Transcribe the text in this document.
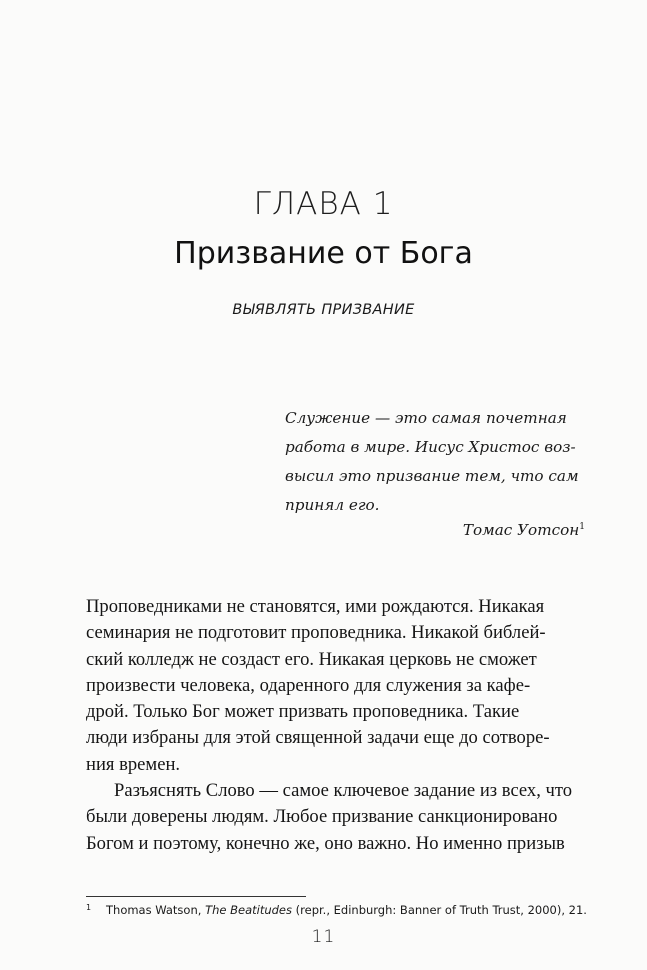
ГЛАВА 1
Призвание от Бога
ВЫЯВЛЯТЬ ПРИЗВАНИЕ
Служение — это самая почетная
работа в мире. Иисус Христос воз-
высил это призвание тем, что сам
принял его.
Томас Уотсон$^1$
Проповедниками не становятся, ими рождаются. Никакая
семинария не подготовит проповедника. Никакой библей-
ский колледж не создаст его. Никакая церковь не сможет
произвести человека, одаренного для служения за кафе-
дрой. Только Бог может призвать проповедника. Такие
люди избраны для этой священной задачи еще до сотворе-
ния времен.
Разъяснять Слово — самое ключевое задание из всех, что
были доверены людям. Любое призвание санкционировано
Богом и поэтому, конечно же, оно важно. Но именно призыв
1 Thomas Watson, The Beatitudes (repr., Edinburgh: Banner of Truth Trust, 2000), 21.
11
